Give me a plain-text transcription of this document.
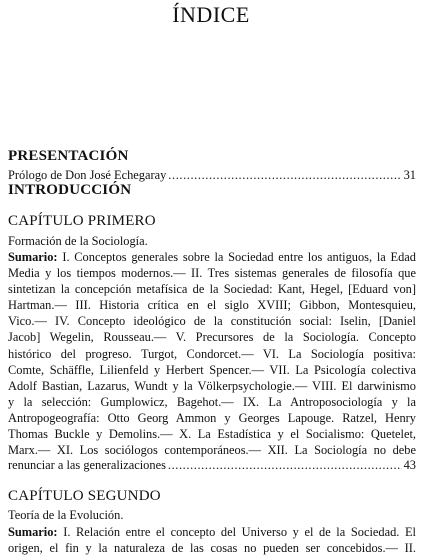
ÍNDICE
PRESENTACIÓN
Prólogo de Don José Echegaray .....	31
INTRODUCCIÓN
CAPÍTULO PRIMERO
Formación de la Sociología.
Sumario: I. Conceptos generales sobre la Sociedad entre los antiguos, la Edad
Media y los tiempos modernos.— II. Tres sistemas generales de filosofía que
sintetizan la concepción metafísica de la Sociedad: Kant, Hegel, [Eduard von]
Hartman.— III. Historia crítica en el siglo XVIII; Gibbon, Montesquieu,
Vico.— IV. Concepto ideológico de la constitución social: Iselin, [Daniel
Jacob] Wegelin, Rousseau.— V. Precursores de la Sociología. Concepto
histórico del progreso. Turgot, Condorcet.— VI. La Sociología positiva:
Comte, Schäffle, Lilienfeld y Herbert Spencer.— VII. La Psicología colectiva
Adolf Bastian, Lazarus, Wundt y la Völkerpsychologie.— VIII. El darwinismo
y la selección: Gumplowicz, Bagehot.— IX. La Antroposociología y la
Antropogeografía: Otto Georg Ammon y Georges Lapouge. Ratzel, Henry
Thomas Buckle y Demolins.— X. La Estadística y el Socialismo: Quetelet,
Marx.— XI. Los sociólogos contemporáneos.— XII. La Sociología no debe
renunciar a las generalizaciones .....	43
CAPÍTULO SEGUNDO
Teoría de la Evolución.
Sumario: I. Relación entre el concepto del Universo y el de la Sociedad. El
origen, el fin y la naturaleza de las cosas no pueden ser concebidos.— II.
